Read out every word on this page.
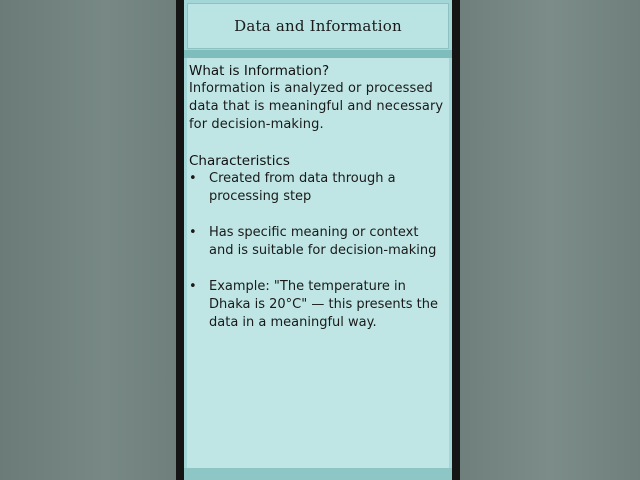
Data and Information

What is Information?

Information is analyzed or processed data that is meaningful and necessary for decision-making.

Characteristics

• Created from data through a processing step
• Has specific meaning or context and is suitable for decision-making
• Example: "The temperature in Dhaka is 20°C" — this presents the data in a meaningful way.
